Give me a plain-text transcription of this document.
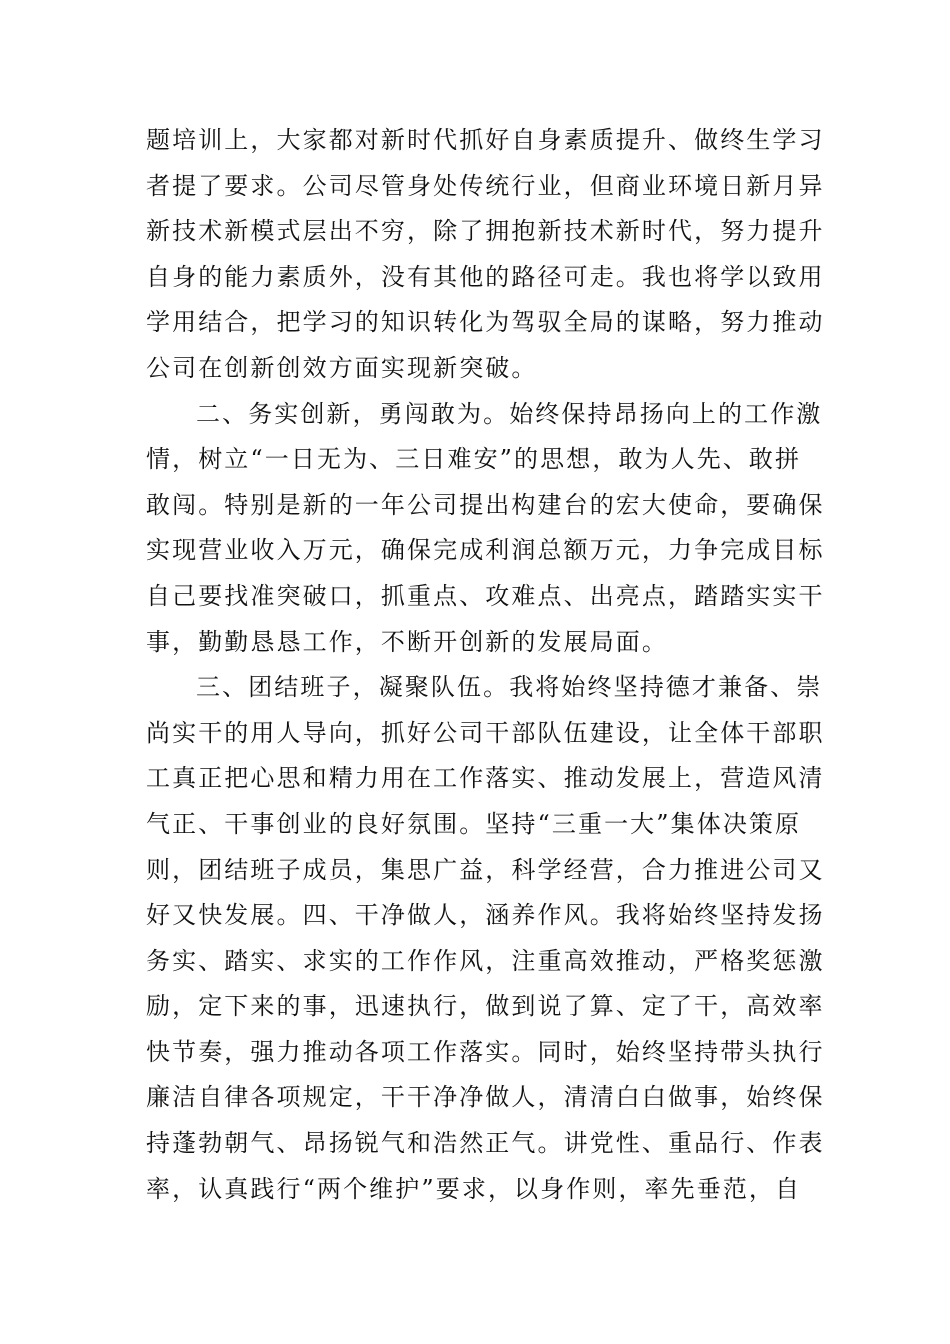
题培训上，大家都对新时代抓好自身素质提升、做终生学习
者提了要求。公司尽管身处传统行业，但商业环境日新月异
新技术新模式层出不穷，除了拥抱新技术新时代，努力提升
自身的能力素质外，没有其他的路径可走。我也将学以致用
学用结合，把学习的知识转化为驾驭全局的谋略，努力推动
公司在创新创效方面实现新突破。
二、务实创新，勇闯敢为。始终保持昂扬向上的工作激
情，树立“一日无为、三日难安”的思想，敢为人先、敢拼
敢闯。特别是新的一年公司提出构建台的宏大使命，要确保
实现营业收入万元，确保完成利润总额万元，力争完成目标
自己要找准突破口，抓重点、攻难点、出亮点，踏踏实实干
事，勤勤恳恳工作，不断开创新的发展局面。
三、团结班子，凝聚队伍。我将始终坚持德才兼备、崇
尚实干的用人导向，抓好公司干部队伍建设，让全体干部职
工真正把心思和精力用在工作落实、推动发展上，营造风清
气正、干事创业的良好氛围。坚持“三重一大”集体决策原
则，团结班子成员，集思广益，科学经营，合力推进公司又
好又快发展。四、干净做人，涵养作风。我将始终坚持发扬
务实、踏实、求实的工作作风，注重高效推动，严格奖惩激
励，定下来的事，迅速执行，做到说了算、定了干，高效率
快节奏，强力推动各项工作落实。同时，始终坚持带头执行
廉洁自律各项规定，干干净净做人，清清白白做事，始终保
持蓬勃朝气、昂扬锐气和浩然正气。讲党性、重品行、作表
率，认真践行“两个维护”要求，以身作则，率先垂范，自
